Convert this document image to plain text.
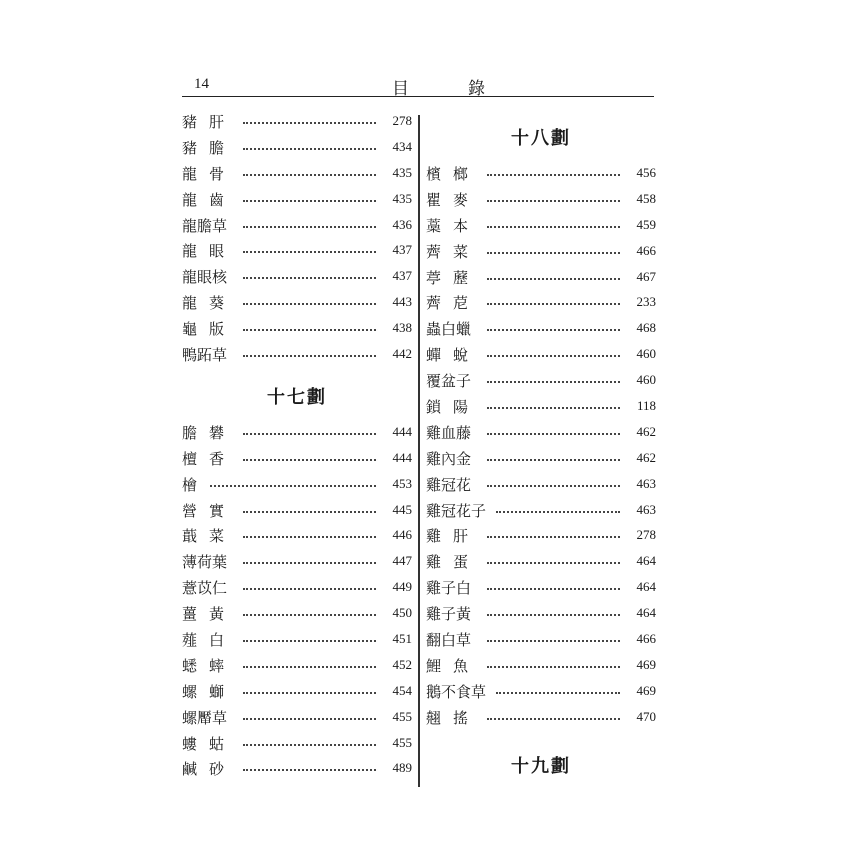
14	目	錄
豬肝	278
豬膽	434
龍骨	435
龍齒	435
龍膽草	436
龍眼	437
龍眼核	437
龍葵	443
龜版	438
鴨跖草	442
十七劃
膽礬	444
檀香	444
檜	453
營實	445
蕺菜	446
薄荷葉	447
薏苡仁	449
薑黃	450
薤白	451
蟋蟀	452
螺螄	454
螺厴草	455
螻蛄	455
鹹砂	489
十八劃
檳榔	456
瞿麥	458
藁本	459
薺菜	466
葶藶	467
薺苨	233
蟲白蠟	468
蟬蛻	460
覆盆子	460
鎖陽	118
雞血藤	462
雞內金	462
雞冠花	463
雞冠花子	463
雞肝	278
雞蛋	464
雞子白	464
雞子黃	464
翻白草	466
鯉魚	469
鵝不食草	469
翹搖	470
十九劃
